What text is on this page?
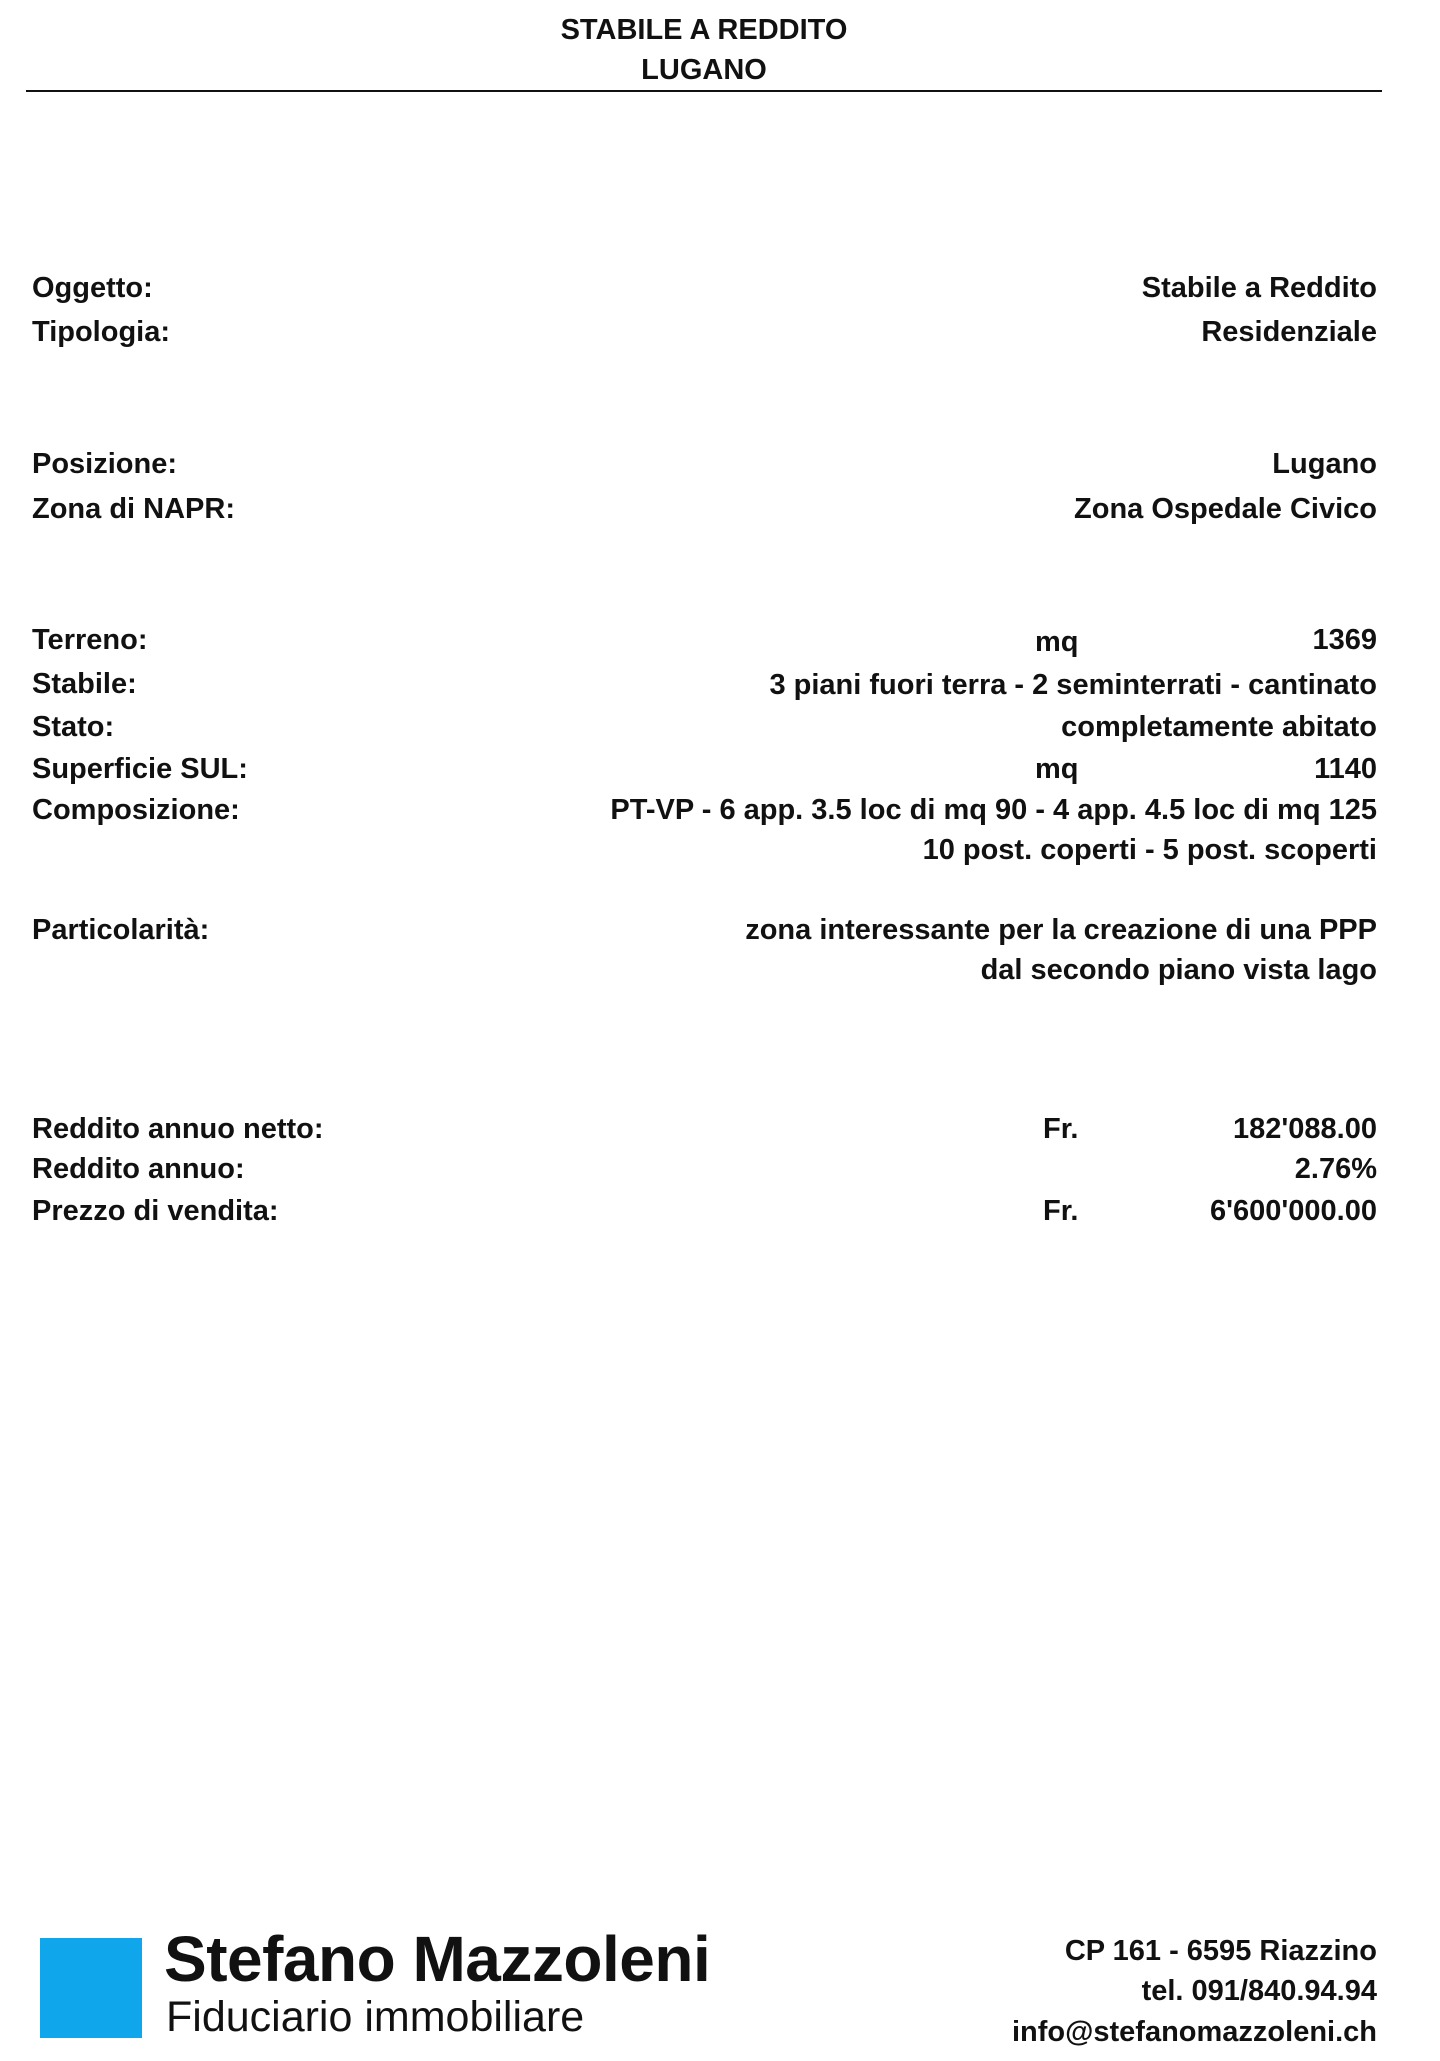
STABILE A REDDITO
LUGANO
Oggetto:	Stabile a Reddito
Tipologia:	Residenziale
Posizione:	Lugano
Zona di NAPR:	Zona Ospedale Civico
Terreno:	mq	1369
Stabile:	3 piani fuori terra - 2 seminterrati - cantinato
Stato:	completamente abitato
Superficie SUL:	mq	1140
Composizione:	PT-VP - 6 app. 3.5 loc di mq 90 - 4 app. 4.5 loc di mq 125
10 post. coperti - 5 post. scoperti
Particolarità:	zona interessante per la creazione di una PPP
dal secondo piano vista lago
Reddito annuo netto:	Fr.	182'088.00
Reddito annuo:	2.76%
Prezzo di vendita:	Fr.	6'600'000.00
Stefano Mazzoleni
Fiduciario immobiliare
CP 161 - 6595 Riazzino
tel. 091/840.94.94
info@stefanomazzoleni.ch
